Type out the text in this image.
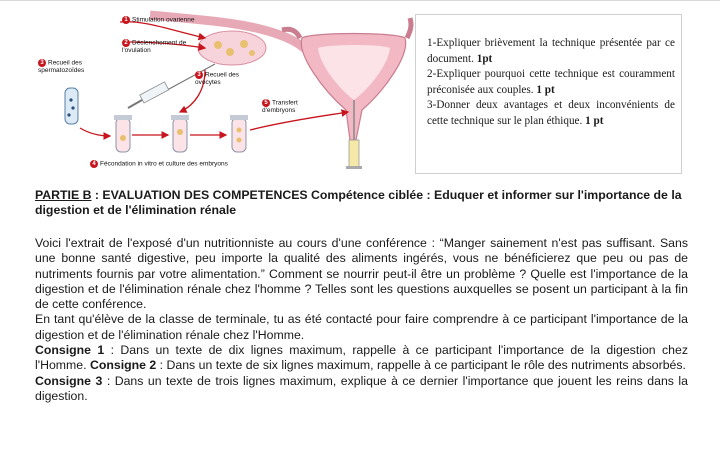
1 Stimulation ovarienne
2 Déclenchement de l'ovulation
3 Recueil des spermatozoïdes
3 Recueil des ovocytes
5 Transfert d'embryons
4 Fécondation in vitro et culture des embryons

1-Expliquer brièvement la technique présentée par ce document. 1pt

2-Expliquer pourquoi cette technique est couramment préconisée aux couples. 1 pt

3-Donner deux avantages et deux inconvénients de cette technique sur le plan éthique. 1 pt

PARTIE B : EVALUATION DES COMPETENCES Compétence ciblée : Eduquer et informer sur l'importance de la digestion et de l'élimination rénale

Voici l'extrait de l'exposé d'un nutritionniste au cours d'une conférence : “Manger sainement n'est pas suffisant. Sans une bonne santé digestive, peu importe la qualité des aliments ingérés, vous ne bénéficierez que peu ou pas de nutriments fournis par votre alimentation.” Comment se nourrir peut-il être un problème ? Quelle est l'importance de la digestion et de l'élimination rénale chez l'homme ? Telles sont les questions auxquelles se posent un participant à la fin de cette conférence.

En tant qu'élève de la classe de terminale, tu as été contacté pour faire comprendre à ce participant l'importance de la digestion et de l'élimination rénale chez l'Homme.

Consigne 1 : Dans un texte de dix lignes maximum, rappelle à ce participant l'importance de la digestion chez l'Homme. Consigne 2 : Dans un texte de six lignes maximum, rappelle à ce participant le rôle des nutriments absorbés.

Consigne 3 : Dans un texte de trois lignes maximum, explique à ce dernier l'importance que jouent les reins dans la digestion.
